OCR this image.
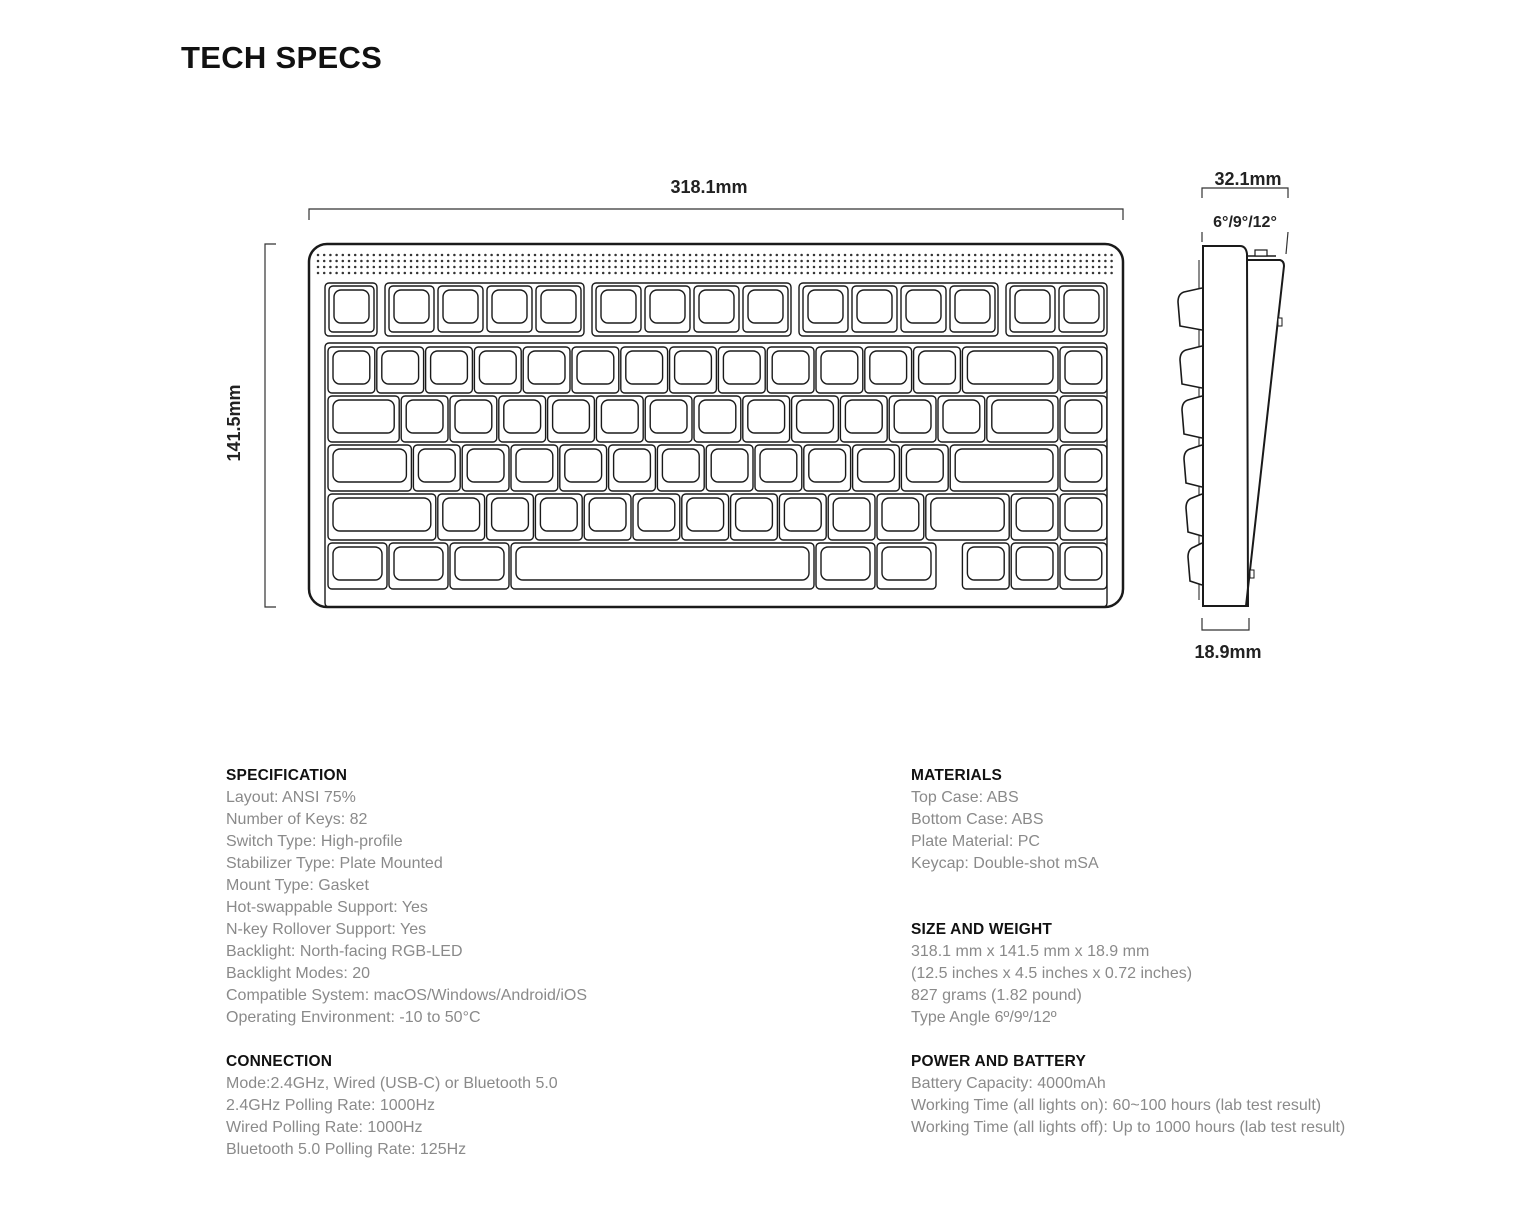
TECH SPECS
318.1mm
141.5mm
32.1mm
6°/9°/12°
18.9mm
SPECIFICATION
Layout: ANSI 75%
Number of Keys: 82
Switch Type: High-profile
Stabilizer Type: Plate Mounted
Mount Type: Gasket
Hot-swappable Support: Yes
N-key Rollover Support: Yes
Backlight: North-facing RGB-LED
Backlight Modes: 20
Compatible System: macOS/Windows/Android/iOS
Operating Environment: -10 to 50°C
CONNECTION
Mode:2.4GHz, Wired (USB-C) or Bluetooth 5.0
2.4GHz Polling Rate: 1000Hz
Wired Polling Rate: 1000Hz
Bluetooth 5.0 Polling Rate: 125Hz
MATERIALS
Top Case: ABS
Bottom Case: ABS
Plate Material: PC
Keycap: Double-shot mSA
SIZE AND WEIGHT
318.1 mm x 141.5 mm x 18.9 mm
(12.5 inches x 4.5 inches x 0.72 inches)
827 grams (1.82 pound)
Type Angle 6º/9º/12º
POWER AND BATTERY
Battery Capacity: 4000mAh
Working Time (all lights on): 60~100 hours (lab test result)
Working Time (all lights off): Up to 1000 hours (lab test result)
